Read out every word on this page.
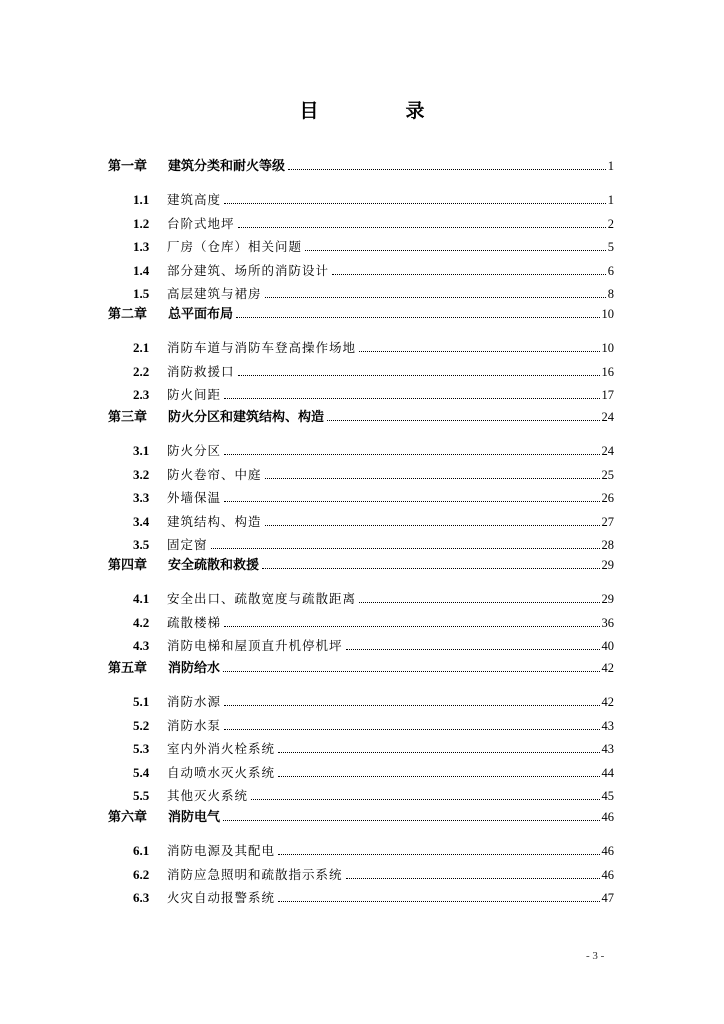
目　录
第一章	建筑分类和耐火等级	1
1.1	建筑高度	1
1.2	台阶式地坪	2
1.3	厂房（仓库）相关问题	5
1.4	部分建筑、场所的消防设计	6
1.5	高层建筑与裙房	8
第二章	总平面布局	10
2.1	消防车道与消防车登高操作场地	10
2.2	消防救援口	16
2.3	防火间距	17
第三章	防火分区和建筑结构、构造	24
3.1	防火分区	24
3.2	防火卷帘、中庭	25
3.3	外墙保温	26
3.4	建筑结构、构造	27
3.5	固定窗	28
第四章	安全疏散和救援	29
4.1	安全出口、疏散宽度与疏散距离	29
4.2	疏散楼梯	36
4.3	消防电梯和屋顶直升机停机坪	40
第五章	消防给水	42
5.1	消防水源	42
5.2	消防水泵	43
5.3	室内外消火栓系统	43
5.4	自动喷水灭火系统	44
5.5	其他灭火系统	45
第六章	消防电气	46
6.1	消防电源及其配电	46
6.2	消防应急照明和疏散指示系统	46
6.3	火灾自动报警系统	47
- 3 -
